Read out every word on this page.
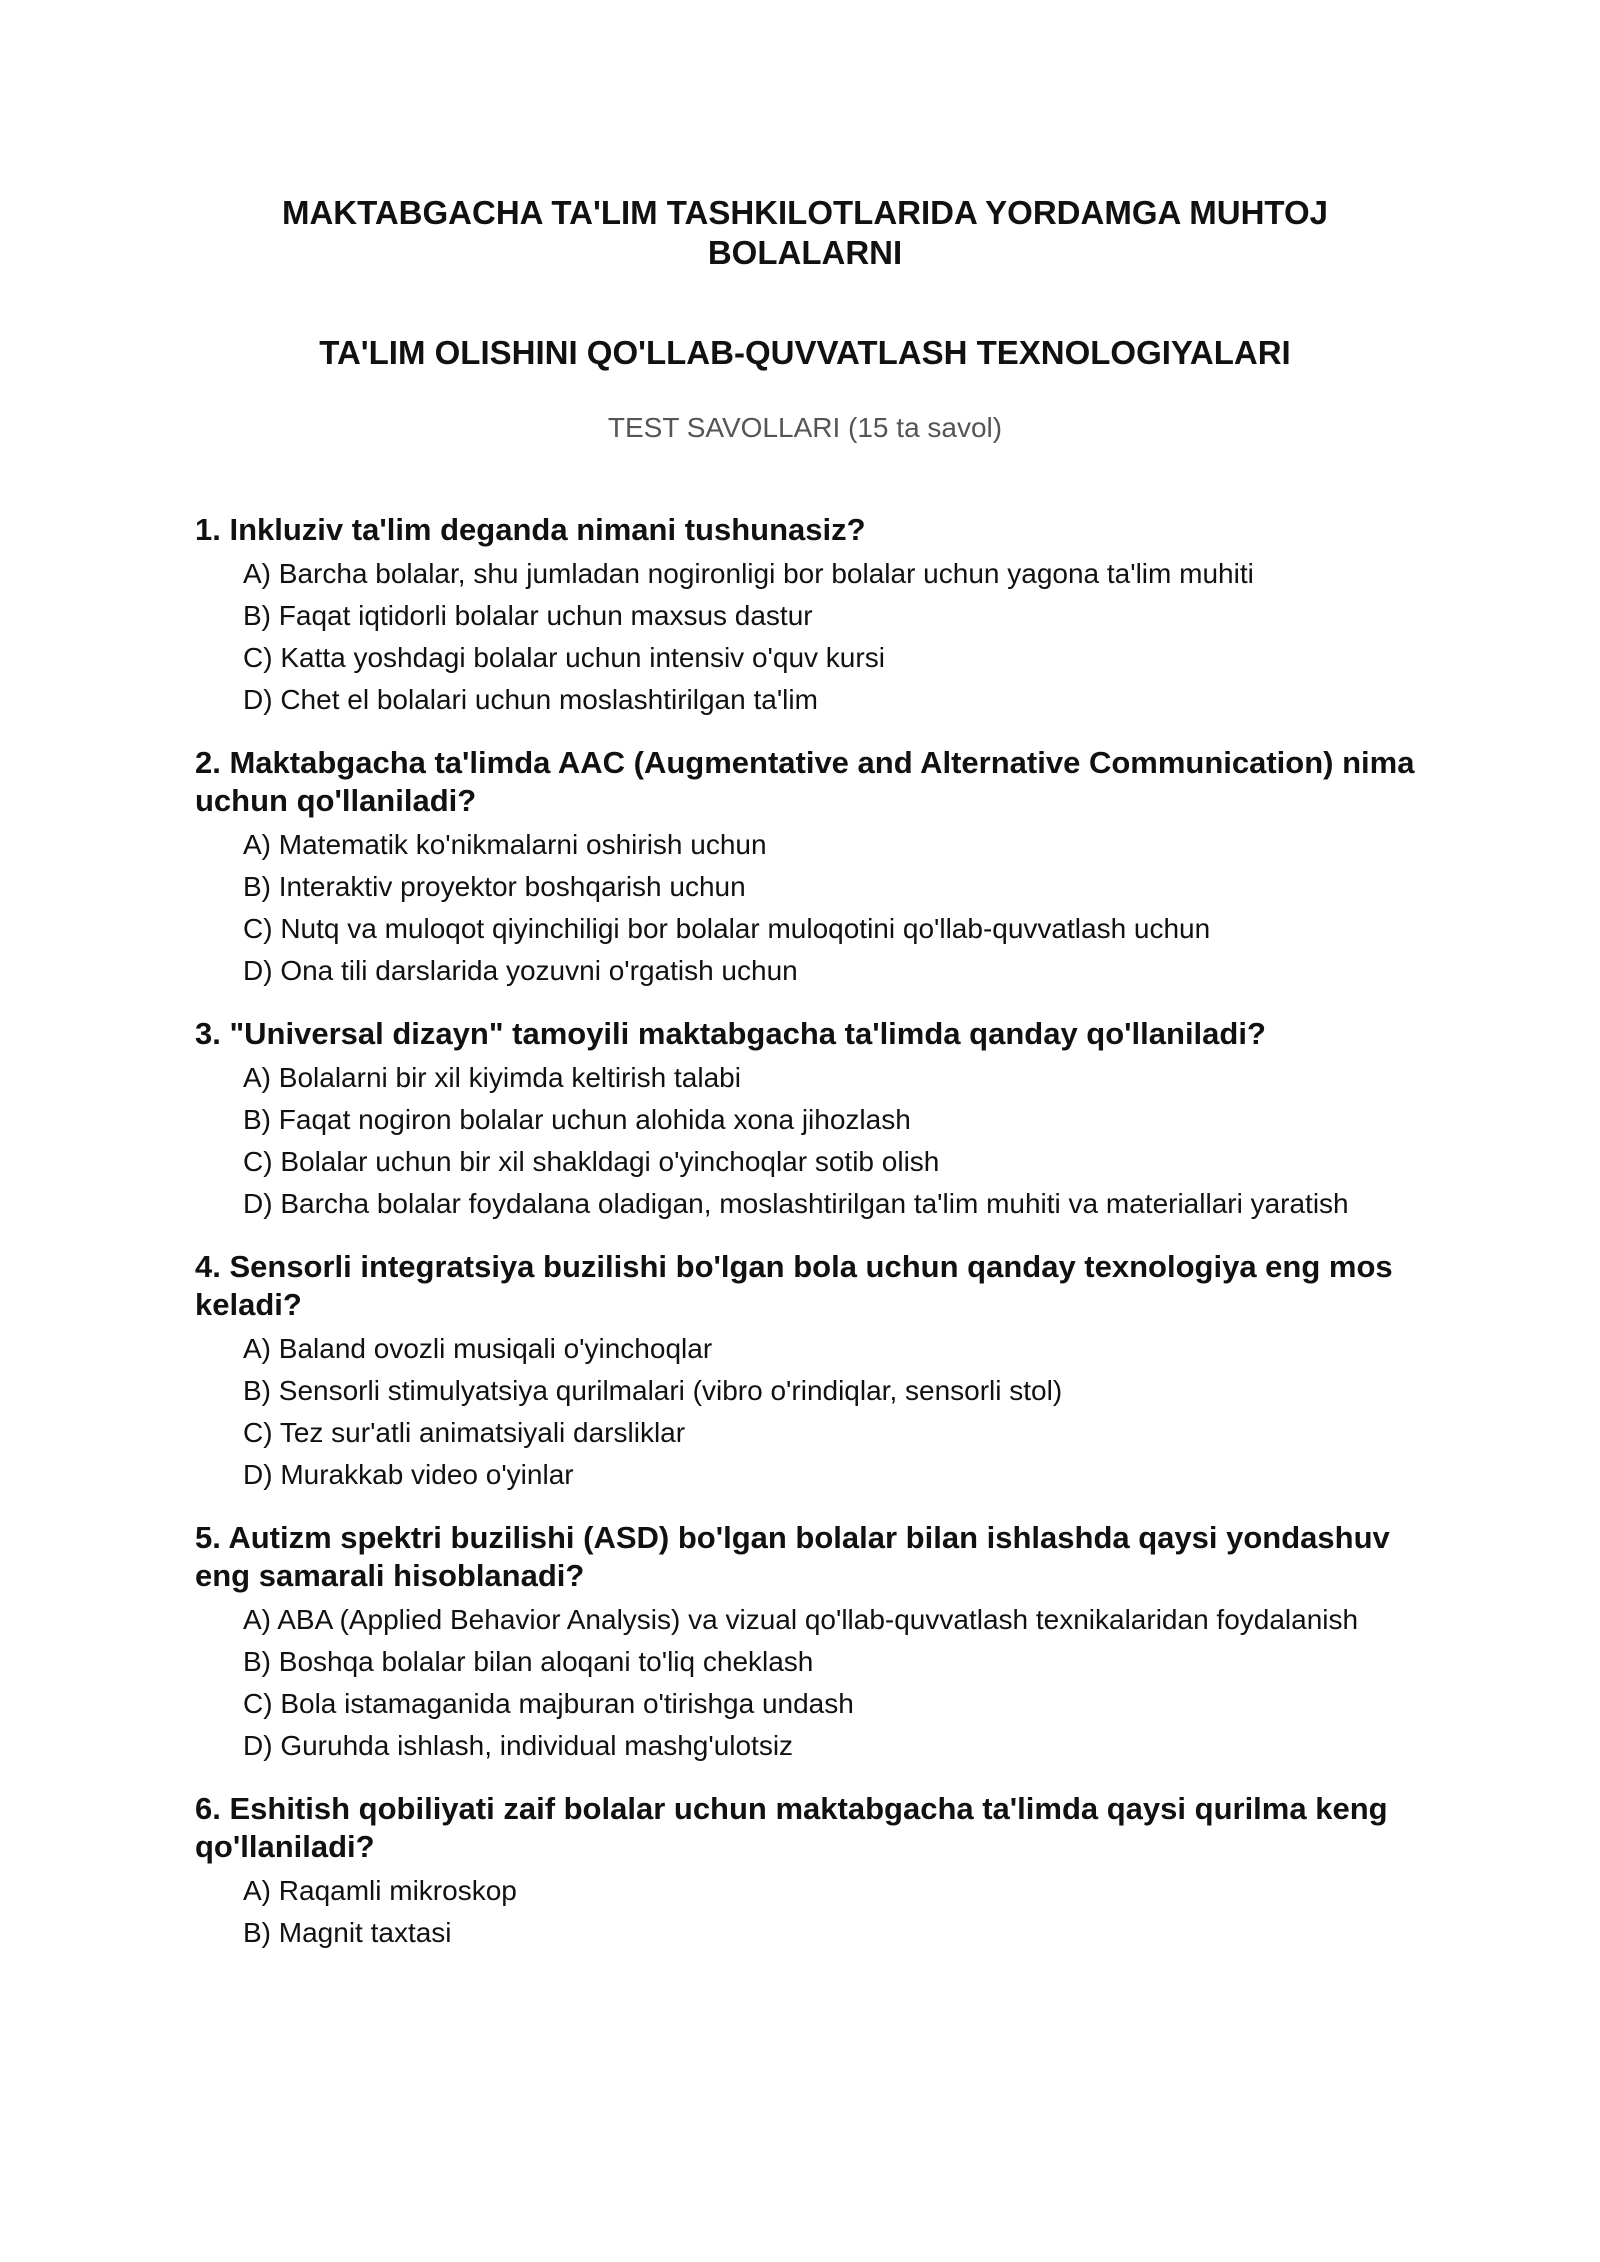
MAKTABGACHA TA'LIM TASHKILOTLARIDA YORDAMGA MUHTOJ BOLALARNI

TA'LIM OLISHINI QO'LLAB-QUVVATLASH TEXNOLOGIYALARI

TEST SAVOLLARI (15 ta savol)

1. Inkluziv ta'lim deganda nimani tushunasiz?

A) Barcha bolalar, shu jumladan nogironligi bor bolalar uchun yagona ta'lim muhiti
B) Faqat iqtidorli bolalar uchun maxsus dastur
C) Katta yoshdagi bolalar uchun intensiv o'quv kursi
D) Chet el bolalari uchun moslashtirilgan ta'lim

2. Maktabgacha ta'limda AAC (Augmentative and Alternative Communication) nima uchun qo'llaniladi?

A) Matematik ko'nikmalarni oshirish uchun
B) Interaktiv proyektor boshqarish uchun
C) Nutq va muloqot qiyinchiligi bor bolalar muloqotini qo'llab-quvvatlash uchun
D) Ona tili darslarida yozuvni o'rgatish uchun

3. "Universal dizayn" tamoyili maktabgacha ta'limda qanday qo'llaniladi?

A) Bolalarni bir xil kiyimda keltirish talabi
B) Faqat nogiron bolalar uchun alohida xona jihozlash
C) Bolalar uchun bir xil shakldagi o'yinchoqlar sotib olish
D) Barcha bolalar foydalana oladigan, moslashtirilgan ta'lim muhiti va materiallari yaratish

4. Sensorli integratsiya buzilishi bo'lgan bola uchun qanday texnologiya eng mos keladi?

A) Baland ovozli musiqali o'yinchoqlar
B) Sensorli stimulyatsiya qurilmalari (vibro o'rindiqlar, sensorli stol)
C) Tez sur'atli animatsiyali darsliklar
D) Murakkab video o'yinlar

5. Autizm spektri buzilishi (ASD) bo'lgan bolalar bilan ishlashda qaysi yondashuv eng samarali hisoblanadi?

A) ABA (Applied Behavior Analysis) va vizual qo'llab-quvvatlash texnikalaridan foydalanish
B) Boshqa bolalar bilan aloqani to'liq cheklash
C) Bola istamaganida majburan o'tirishga undash
D) Guruhda ishlash, individual mashg'ulotsiz

6. Eshitish qobiliyati zaif bolalar uchun maktabgacha ta'limda qaysi qurilma keng qo'llaniladi?

A) Raqamli mikroskop
B) Magnit taxtasi
